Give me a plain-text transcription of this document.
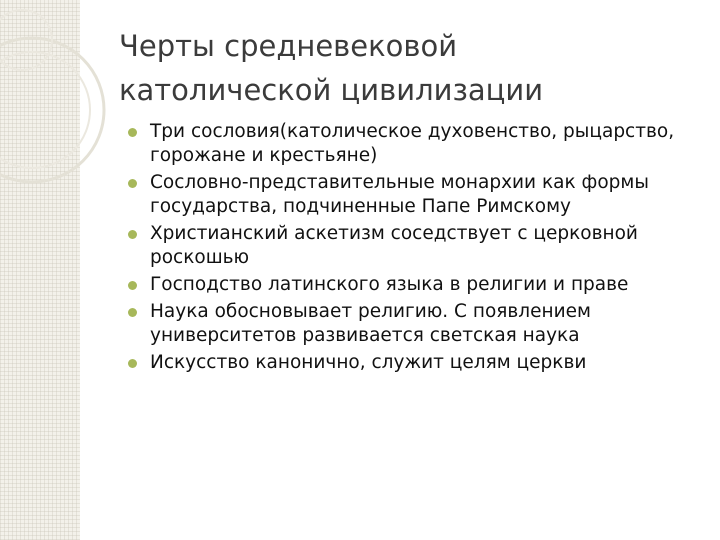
Черты средневековой
католической цивилизации
Три сословия(католическое духовенство, рыцарство, горожане и крестьяне)
Сословно-представительные монархии как формы государства, подчиненные Папе Римскому
Христианский аскетизм соседствует с церковной роскошью
Господство латинского языка в религии и праве
Наука обосновывает религию. С появлением университетов развивается светская наука
Искусство канонично, служит целям церкви
